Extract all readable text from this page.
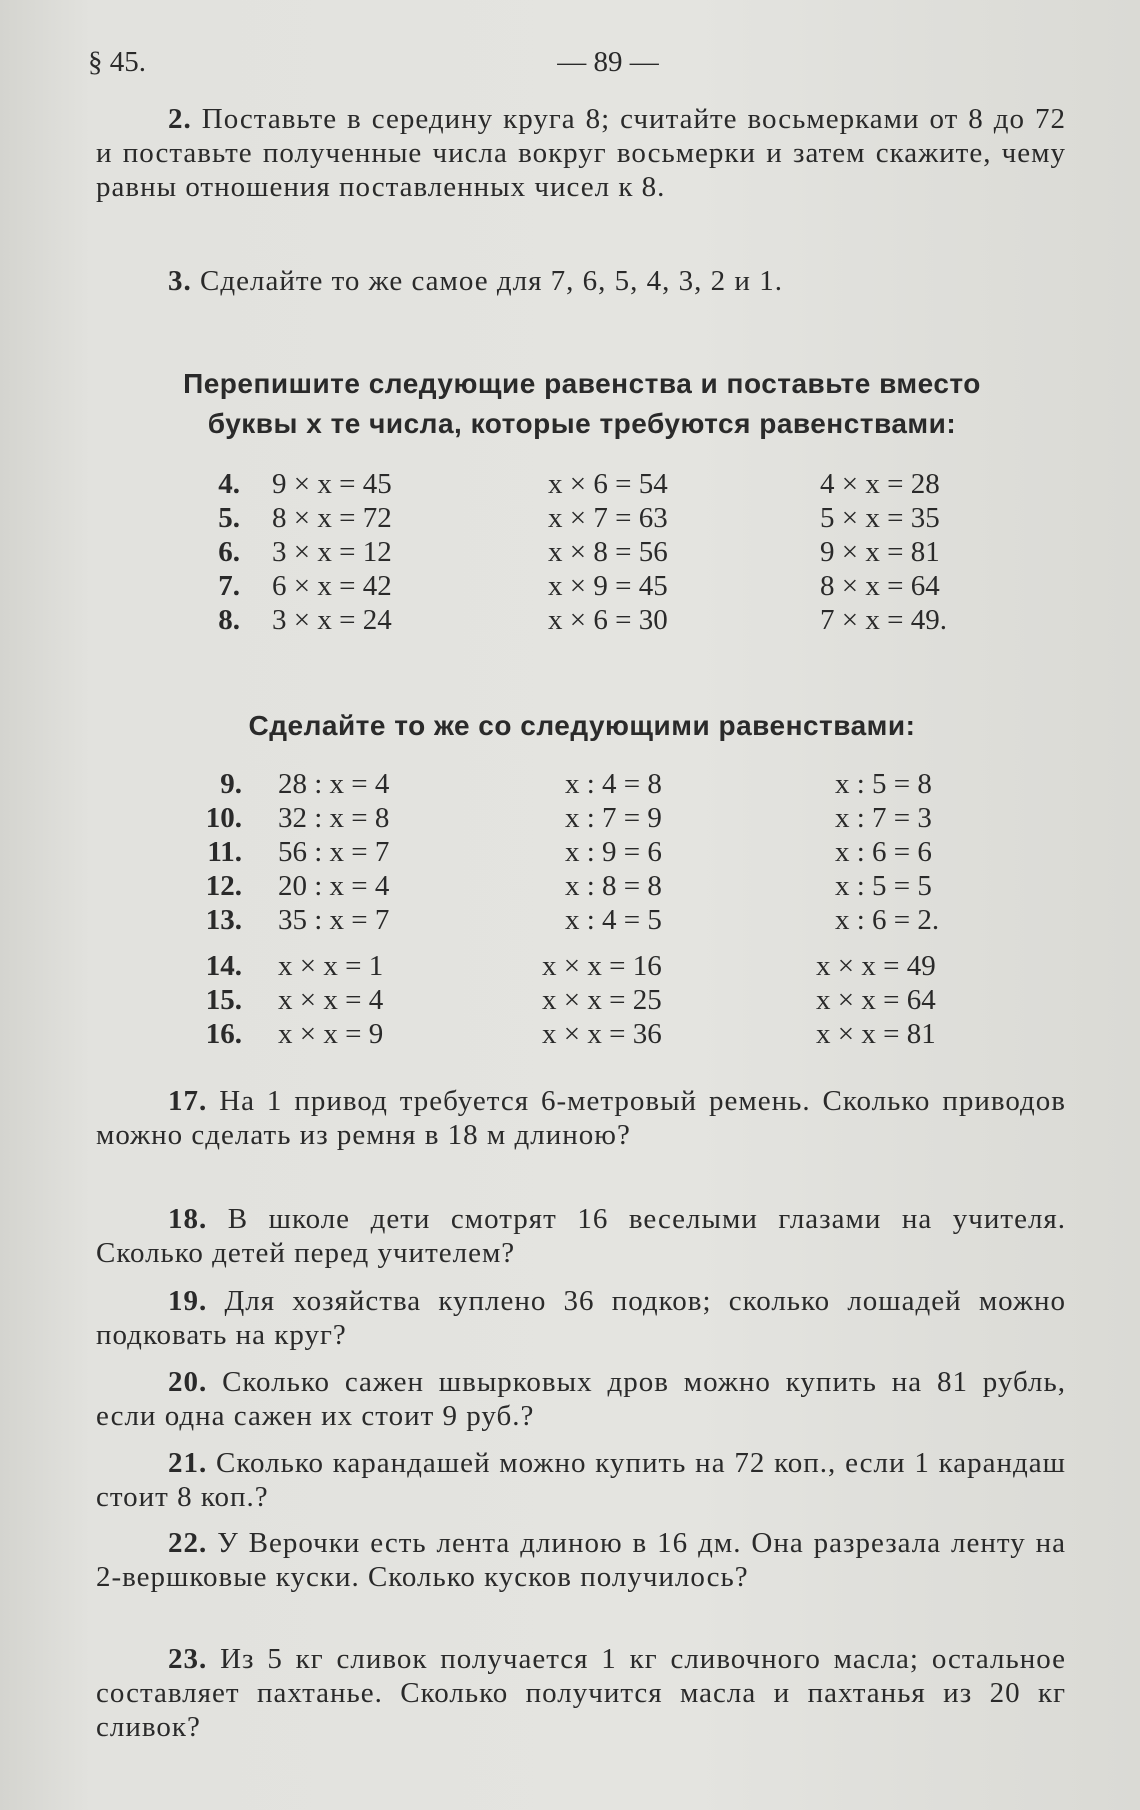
§ 45.	— 89 —

2. Поставьте в середину круга 8; считайте восьмерками от 8 до 72 и поставьте полученные числа вокруг восьмерки и затем скажите, чему равны отношения поставленных чисел к 8.

3. Сделайте то же самое для 7, 6, 5, 4, 3, 2 и 1.

Перепишите следующие равенства и поставьте вместо
буквы х те числа, которые требуются равенствами:
4. 9 × x = 45	x × 6 = 54	4 × x = 28
5. 8 × x = 72	x × 7 = 63	5 × x = 35
6. 3 × x = 12	x × 8 = 56	9 × x = 81
7. 6 × x = 42	x × 9 = 45	8 × x = 64
8. 3 × x = 24	x × 6 = 30	7 × x = 49.
Сделайте то же со следующими равенствами:
9. 28 : x = 4	x : 4 = 8	x : 5 = 8
10. 32 : x = 8	x : 7 = 9	x : 7 = 3
11. 56 : x = 7	x : 9 = 6	x : 6 = 6
12. 20 : x = 4	x : 8 = 8	x : 5 = 5
13. 35 : x = 7	x : 4 = 5	x : 6 = 2.
14. x × x = 1	x × x = 16	x × x = 49
15. x × x = 4	x × x = 25	x × x = 64
16. x × x = 9	x × x = 36	x × x = 81

17. На 1 привод требуется 6-метровый ремень. Сколько приводов можно сделать из ремня в 18 м длиною?

18. В школе дети смотрят 16 веселыми глазами на учителя. Сколько детей перед учителем?

19. Для хозяйства куплено 36 подков; сколько лошадей можно подковать на круг?

20. Сколько сажен швырковых дров можно купить на 81 рубль, если одна сажен их стоит 9 руб.?

21. Сколько карандашей можно купить на 72 коп., если 1 карандаш стоит 8 коп.?

22. У Верочки есть лента длиною в 16 дм. Она разрезала ленту на 2-вершковые куски. Сколько кусков получилось?

23. Из 5 кг сливок получается 1 кг сливочного масла; остальное составляет пахтанье. Сколько получится масла и пахтанья из 20 кг сливок?
